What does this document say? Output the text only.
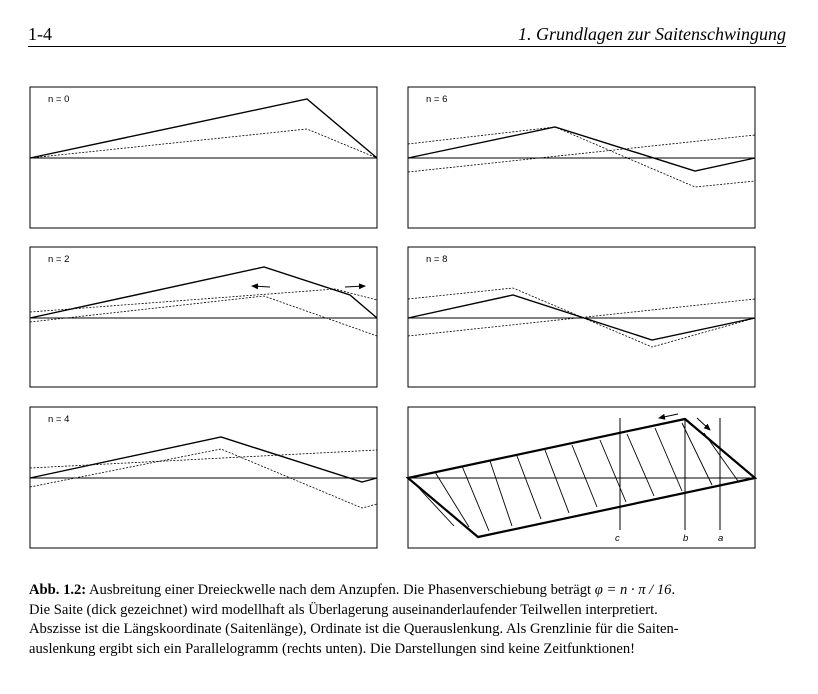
1-4	1. Grundlagen zur Saitenschwingung
n = 0	n = 6
n = 2	n = 8
n = 4
c	b	a

Abb. 1.2: Ausbreitung einer Dreieckwelle nach dem Anzupfen. Die Phasenverschiebung beträgt φ = n · π / 16.

Die Saite (dick gezeichnet) wird modellhaft als Überlagerung auseinanderlaufender Teilwellen interpretiert.

Abszisse ist die Längskoordinate (Saitenlänge), Ordinate ist die Querauslenkung. Als Grenzlinie für die Saiten-

auslenkung ergibt sich ein Parallelogramm (rechts unten). Die Darstellungen sind keine Zeitfunktionen!
